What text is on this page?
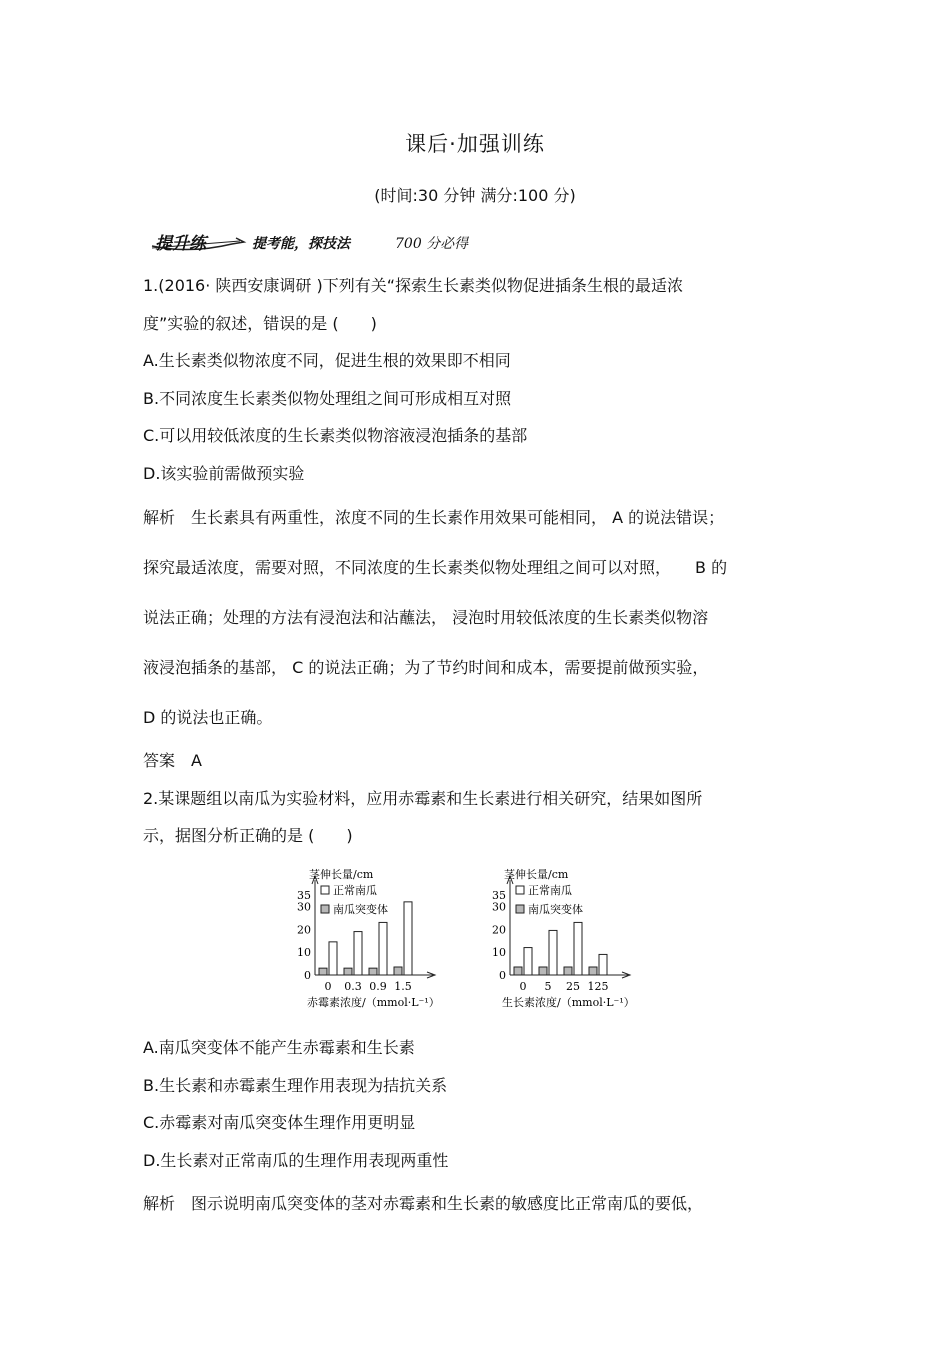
课后·加强训练
(时间:30 分钟 满分:100 分)
提升练	提考能，探技法	700 分必得
1.(2016· 陕西安康调研 )下列有关“探索生长素类似物促进插条生根的最适浓
度”实验的叙述，错误的是 (　　)
A.生长素类似物浓度不同，促进生根的效果即不相同
B.不同浓度生长素类似物处理组之间可形成相互对照
C.可以用较低浓度的生长素类似物溶液浸泡插条的基部
D.该实验前需做预实验
解析　生长素具有两重性，浓度不同的生长素作用效果可能相同， A 的说法错误；
探究最适浓度，需要对照，不同浓度的生长素类似物处理组之间可以对照，　　B 的
说法正确；处理的方法有浸泡法和沾蘸法， 浸泡时用较低浓度的生长素类似物溶
液浸泡插条的基部， C 的说法正确；为了节约时间和成本，需要提前做预实验，
D 的说法也正确。
答案　A
2.某课题组以南瓜为实验材料，应用赤霉素和生长素进行相关研究，结果如图所
示，据图分析正确的是 (　　)
茎伸长量/cm
0
10
20
30
35 正常南瓜
南瓜突变体
0 0.3 0.9 1.5
赤霉素浓度/（mmol·L⁻¹）
茎伸长量/cm
0
10
20
30
35 正常南瓜
南瓜突变体
0 5 25 125
生长素浓度/（mmol·L⁻¹）
A.南瓜突变体不能产生赤霉素和生长素
B.生长素和赤霉素生理作用表现为拮抗关系
C.赤霉素对南瓜突变体生理作用更明显
D.生长素对正常南瓜的生理作用表现两重性
解析　图示说明南瓜突变体的茎对赤霉素和生长素的敏感度比正常南瓜的要低，
